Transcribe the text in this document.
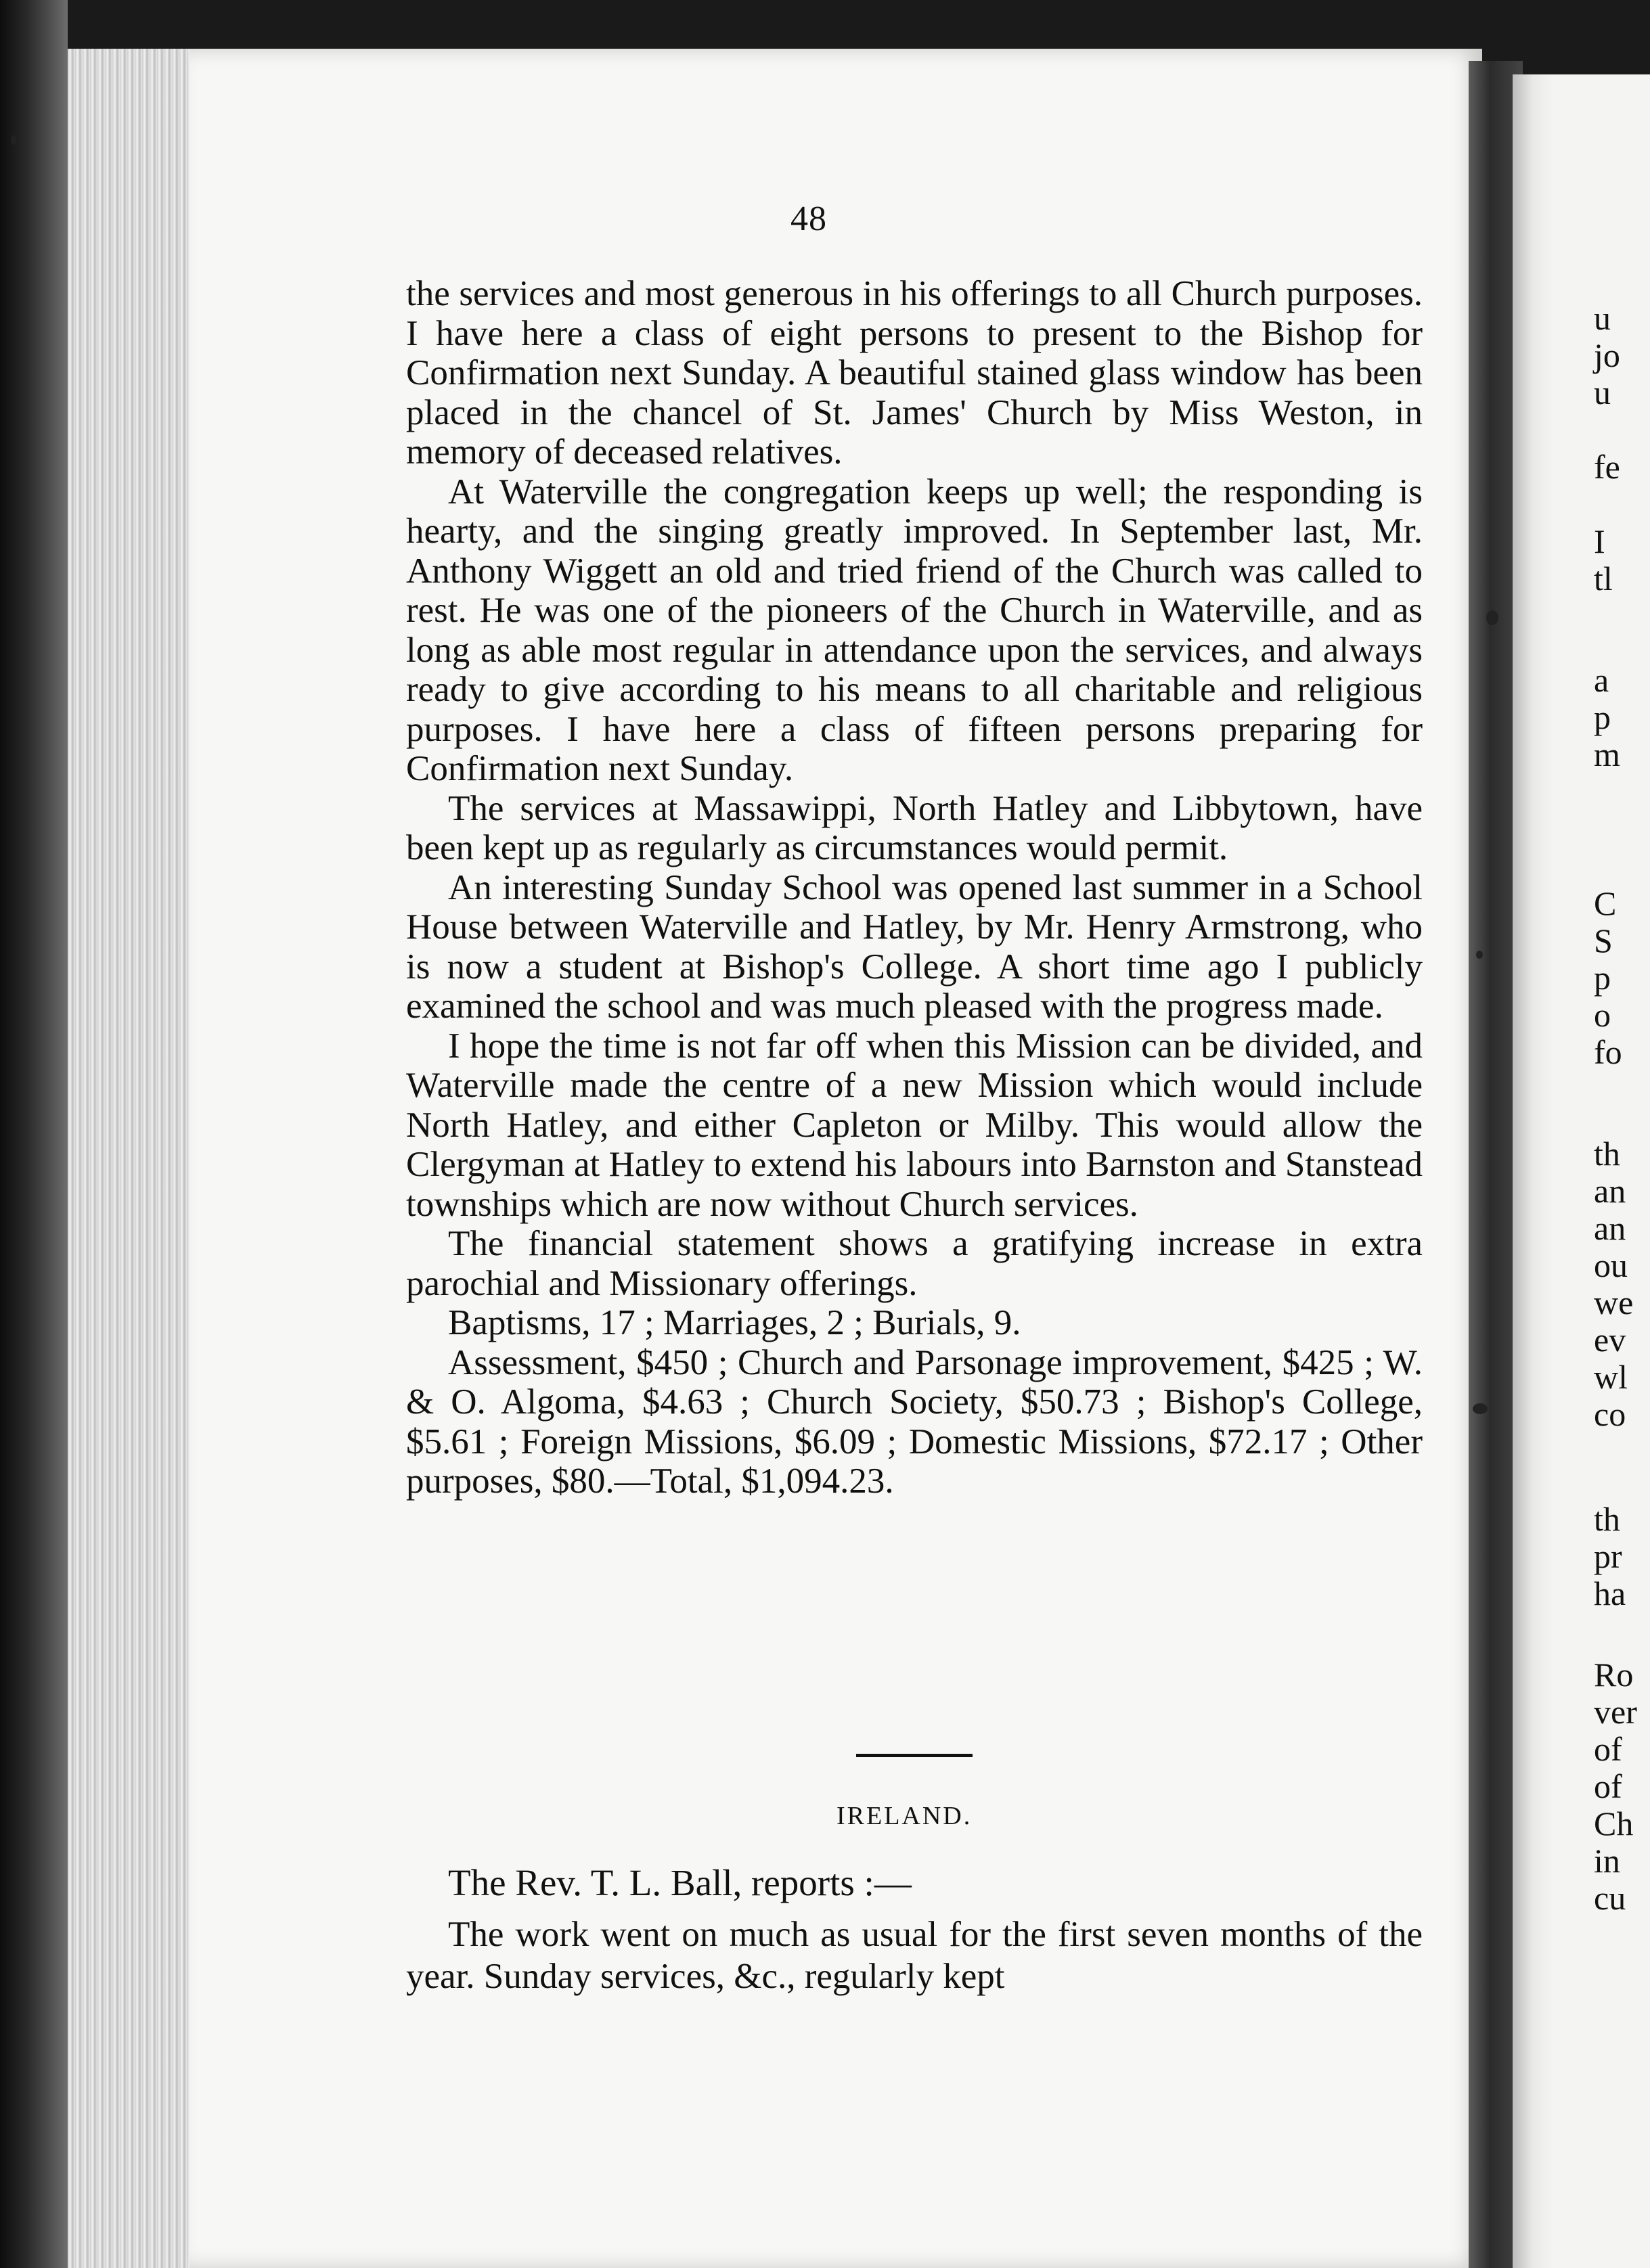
48

the services and most generous in his offerings to all Church purposes. I have here a class of eight persons to present to the Bishop for Confirmation next Sunday. A beautiful stained glass window has been placed in the chancel of St. James' Church by Miss Weston, in memory of deceased relatives.

At Waterville the congregation keeps up well; the responding is hearty, and the singing greatly improved. In September last, Mr. Anthony Wiggett an old and tried friend of the Church was called to rest. He was one of the pioneers of the Church in Waterville, and as long as able most regular in attendance upon the services, and always ready to give according to his means to all charitable and religious purposes. I have here a class of fifteen persons preparing for Confirmation next Sunday.

The services at Massawippi, North Hatley and Libbytown, have been kept up as regularly as circumstances would permit.

An interesting Sunday School was opened last summer in a School House between Waterville and Hatley, by Mr. Henry Armstrong, who is now a student at Bishop's College. A short time ago I publicly examined the school and was much pleased with the progress made.

I hope the time is not far off when this Mission can be divided, and Waterville made the centre of a new Mission which would include North Hatley, and either Capleton or Milby. This would allow the Clergyman at Hatley to extend his labours into Barnston and Stanstead townships which are now without Church services.

The financial statement shows a gratifying increase in extra parochial and Missionary offerings.

Baptisms, 17 ; Marriages, 2 ; Burials, 9.

Assessment, $450 ; Church and Parsonage improvement, $425 ; W. & O. Algoma, $4.63 ; Church Society, $50.73 ; Bishop's College, $5.61 ; Foreign Missions, $6.09 ; Domestic Missions, $72.17 ; Other purposes, $80.—Total, $1,094.23.

IRELAND.

The Rev. T. L. Ball, reports :—

The work went on much as usual for the first seven months of the year. Sunday services, &c., regularly kept

u
jo
u
fe
I
tl
a
p
m
C
S
p
o
fo
th
an
an
ou
we
ev
wl
co
th
pr
ha
Ro
ver
of
of
Ch
in
cu
